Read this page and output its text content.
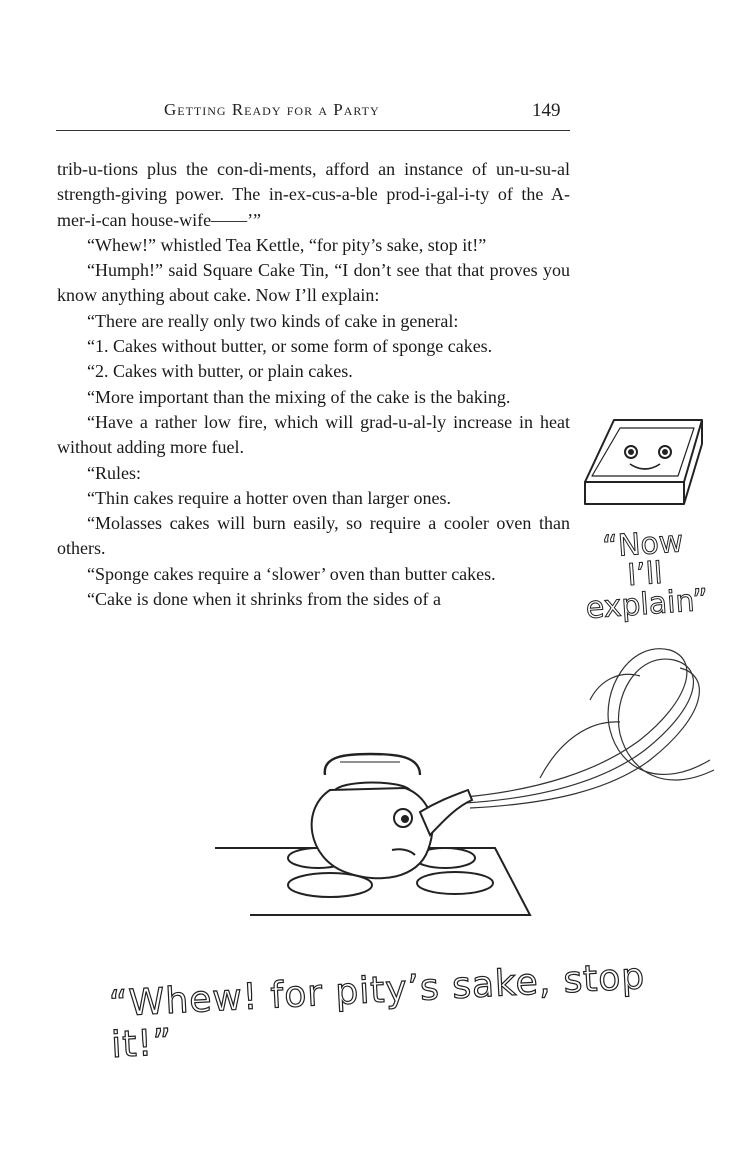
Getting Ready for a Party	149

trib-u-tions plus the con-di-ments, afford an instance of un-u-su-al strength-giving power. The in-ex-cus-a-ble prod-i-gal-i-ty of the A-mer-i-can house-wife——’”

“Whew!” whistled Tea Kettle, “for pity’s sake, stop it!”

“Humph!” said Square Cake Tin, “I don’t see that that proves you know anything about cake. Now I’ll explain:

“There are really only two kinds of cake in general:

“1. Cakes without butter, or some form of sponge cakes.

“2. Cakes with butter, or plain cakes.

“More important than the mixing of the cake is the baking.

“Have a rather low fire, which will grad-u-al-ly increase in heat without adding more fuel.

“Rules:

“Thin cakes require a hotter oven than larger ones.

“Molasses cakes will burn easily, so require a cooler oven than others.

“Sponge cakes require a ‘slower’ oven than butter cakes.

“Cake is done when it shrinks from the sides of a

“Now
I’ll
explain”
“Whew! for pity’s sake, stop it!”
